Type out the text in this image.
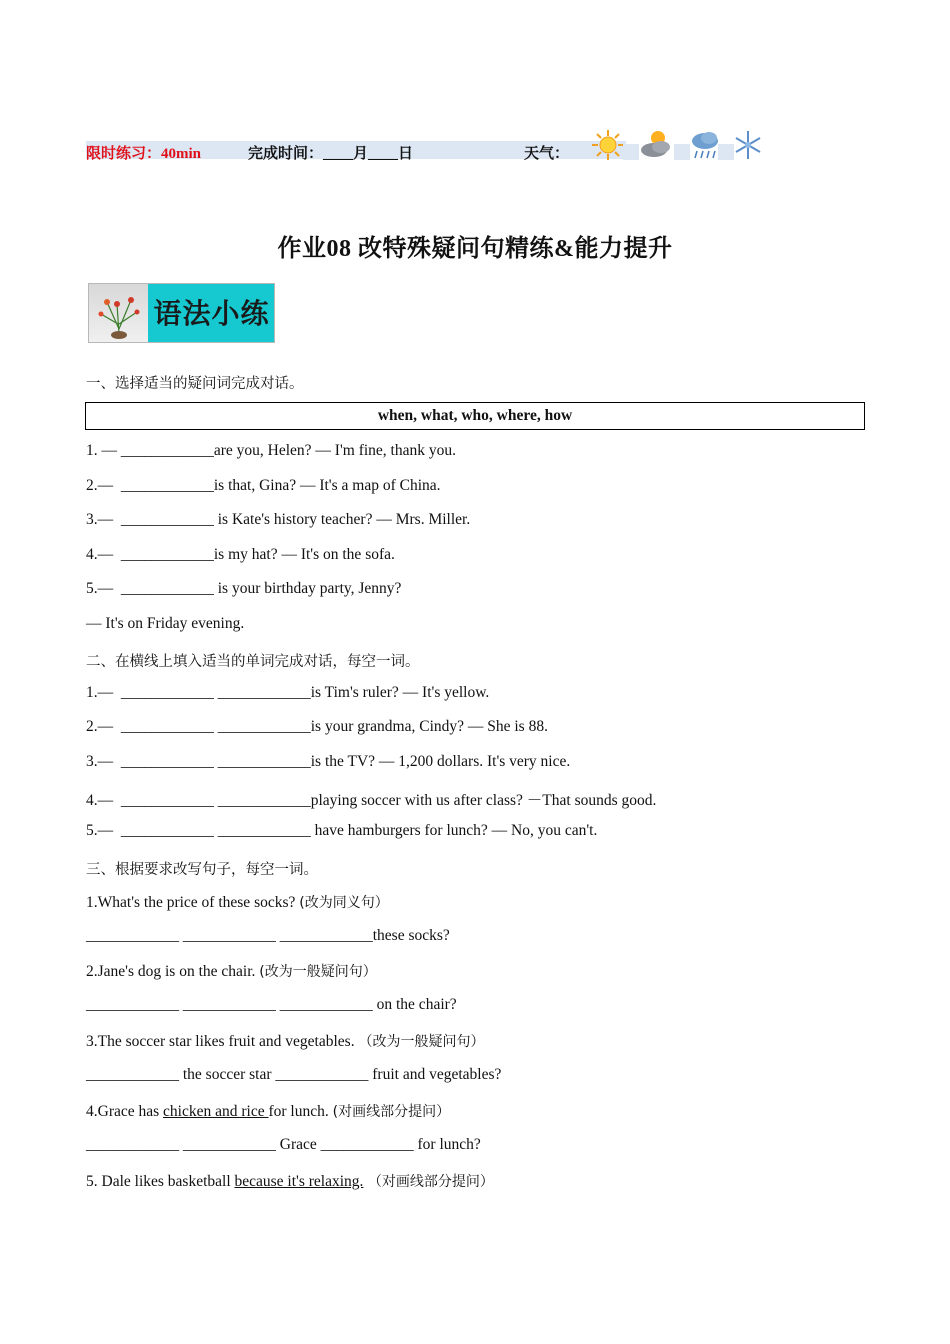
限时练习：40min	完成时间：____月____日	天气：
作业08 改特殊疑问句精练&能力提升
语法小练
一、选择适当的疑问词完成对话。
when, what, who, where, how
1. — ____________are you, Helen? — I'm fine, thank you.
2.—  ____________is that, Gina? — It's a map of China.
3.—  ____________ is Kate's history teacher? — Mrs. Miller.
4.—  ____________is my hat? — It's on the sofa.
5.—  ____________ is your birthday party, Jenny?
— It's on Friday evening.
二、在横线上填入适当的单词完成对话，每空一词。
1.—  ____________ ____________is Tim's ruler? — It's yellow.
2.—  ____________ ____________is your grandma, Cindy? — She is 88.
3.—  ____________ ____________is the TV? — 1,200 dollars. It's very nice.
4.—  ____________ ____________playing soccer with us after class? －That sounds good.
5.—  ____________ ____________ have hamburgers for lunch? — No, you can't.
三、根据要求改写句子，每空一词。
1.What's the price of these socks? (改为同义句）
____________ ____________ ____________these socks?
2.Jane's dog is on the chair. (改为一般疑问句）
____________ ____________ ____________ on the chair?
3.The soccer star likes fruit and vegetables. （改为一般疑问句）
____________ the soccer star ____________ fruit and vegetables?
4.Grace has chicken and rice for lunch. (对画线部分提问）
____________ ____________ Grace ____________ for lunch?
5. Dale likes basketball because it's relaxing. （对画线部分提问）
